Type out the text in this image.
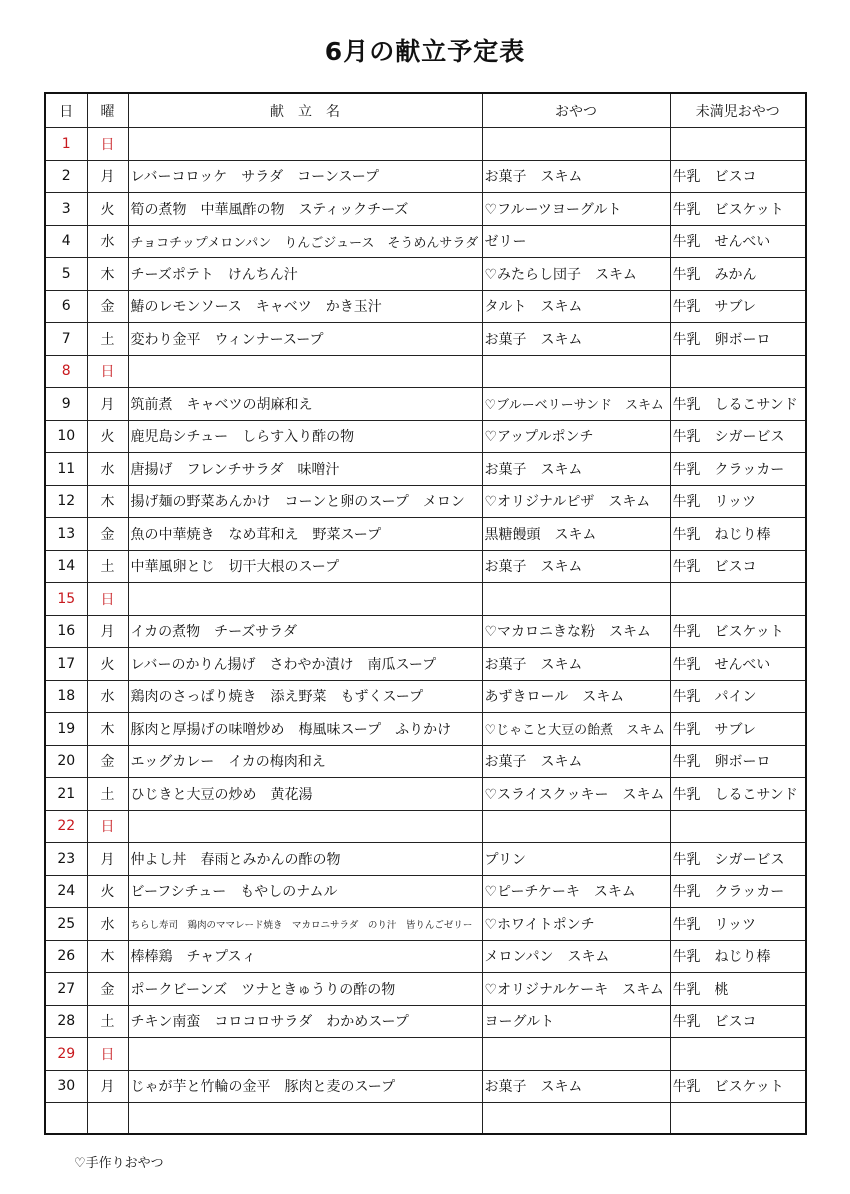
6月の献立予定表
日	曜	献　立　名	おやつ	未満児おやつ
1	日			
2	月	レバーコロッケ　サラダ　コーンスープ	お菓子　スキム	牛乳　ビスコ
3	火	筍の煮物　中華風酢の物　スティックチーズ	♡フルーツヨーグルト	牛乳　ビスケット
4	水	チョコチップメロンパン　りんごジュース　そうめんサラダ	ゼリー	牛乳　せんべい
5	木	チーズポテト　けんちん汁	♡みたらし団子　スキム	牛乳　みかん
6	金	鰆のレモンソース　キャベツ　かき玉汁	タルト　スキム	牛乳　サブレ
7	土	変わり金平　ウィンナースープ	お菓子　スキム	牛乳　卵ボーロ
8	日			
9	月	筑前煮　キャベツの胡麻和え	♡ブルーベリーサンド　スキム	牛乳　しるこサンド
10	火	鹿児島シチュー　しらす入り酢の物	♡アップルポンチ	牛乳　シガービス
11	水	唐揚げ　フレンチサラダ　味噌汁	お菓子　スキム	牛乳　クラッカー
12	木	揚げ麺の野菜あんかけ　コーンと卵のスープ　メロン	♡オリジナルピザ　スキム	牛乳　リッツ
13	金	魚の中華焼き　なめ茸和え　野菜スープ	黒糖饅頭　スキム	牛乳　ねじり棒
14	土	中華風卵とじ　切干大根のスープ	お菓子　スキム	牛乳　ビスコ
15	日			
16	月	イカの煮物　チーズサラダ	♡マカロニきな粉　スキム	牛乳　ビスケット
17	火	レバーのかりん揚げ　さわやか漬け　南瓜スープ	お菓子　スキム	牛乳　せんべい
18	水	鶏肉のさっぱり焼き　添え野菜　もずくスープ	あずきロール　スキム	牛乳　パイン
19	木	豚肉と厚揚げの味噌炒め　梅風味スープ　ふりかけ	♡じゃこと大豆の飴煮　スキム	牛乳　サブレ
20	金	エッグカレー　イカの梅肉和え	お菓子　スキム	牛乳　卵ボーロ
21	土	ひじきと大豆の炒め　黄花湯	♡スライスクッキー　スキム	牛乳　しるこサンド
22	日			
23	月	仲よし丼　春雨とみかんの酢の物	プリン	牛乳　シガービス
24	火	ビーフシチュー　もやしのナムル	♡ピーチケーキ　スキム	牛乳　クラッカー
25	水	ちらし寿司　鶏肉のママレード焼き　マカロニサラダ　のり汁　皆りんごゼリー	♡ホワイトポンチ	牛乳　リッツ
26	木	棒棒鶏　チャプスィ	メロンパン　スキム	牛乳　ねじり棒
27	金	ポークビーンズ　ツナときゅうりの酢の物	♡オリジナルケーキ　スキム	牛乳　桃
28	土	チキン南蛮　コロコロサラダ　わかめスープ	ヨーグルト	牛乳　ビスコ
29	日			
30	月	じゃが芋と竹輪の金平　豚肉と麦のスープ	お菓子　スキム	牛乳　ビスケット

♡手作りおやつ
